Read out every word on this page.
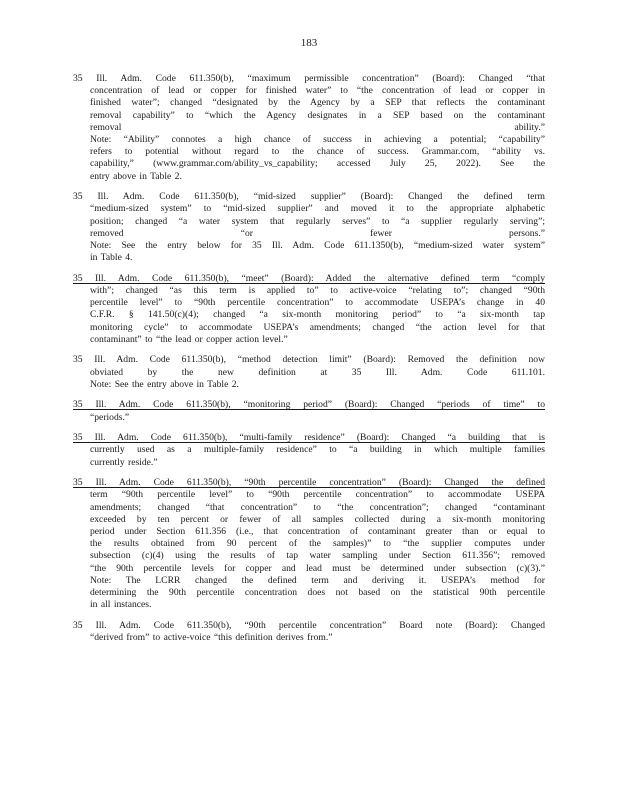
183
35 Ill. Adm. Code 611.350(b), “maximum permissible concentration” (Board): Changed “that
concentration of lead or copper for finished water” to “the concentration of lead or copper in
finished water”; changed “designated by the Agency by a SEP that reflects the contaminant
removal capability” to “which the Agency designates in a SEP based on the contaminant
removal ability.”
Note: “Ability” connotes a high chance of success in achieving a potential; “capability”
refers to potential without regard to the chance of success. Grammar.com, “ability vs.
capability,” (www.grammar.com/ability_vs_capability; accessed July 25, 2022). See the
entry above in Table 2.
35 Ill. Adm. Code 611.350(b), “mid-sized supplier” (Board): Changed the defined term
“medium-sized system” to “mid-sized supplier” and moved it to the appropriate alphabetic
position; changed “a water system that regularly serves” to “a supplier regularly serving”;
removed “or fewer persons.”
Note: See the entry below for 35 Ill. Adm. Code 611.1350(b), “medium-sized water system”
in Table 4.
35 Ill. Adm. Code 611.350(b), “meet” (Board): Added the alternative defined term “comply
with”; changed “as this term is applied to” to active-voice “relating to”; changed “90th
percentile level” to “90th percentile concentration” to accommodate USEPA’s change in 40
C.F.R. § 141.50(c)(4); changed “a six-month monitoring period” to “a six-month tap
monitoring cycle” to accommodate USEPA’s amendments; changed “the action level for that
contaminant” to “the lead or copper action level.”
35 Ill. Adm. Code 611.350(b), “method detection limit” (Board): Removed the definition now
obviated by the new definition at 35 Ill. Adm. Code 611.101.
Note: See the entry above in Table 2.
35 Ill. Adm. Code 611.350(b), “monitoring period” (Board): Changed “periods of time” to
“periods.”
35 Ill. Adm. Code 611.350(b), “multi-family residence” (Board): Changed “a building that is
currently used as a multiple-family residence” to “a building in which multiple families
currently reside.”
35 Ill. Adm. Code 611.350(b), “90th percentile concentration” (Board): Changed the defined
term “90th percentile level” to “90th percentile concentration” to accommodate USEPA
amendments; changed “that concentration” to “the concentration”; changed “contaminant
exceeded by ten percent or fewer of all samples collected during a six-month monitoring
period under Section 611.356 (i.e., that concentration of contaminant greater than or equal to
the results obtained from 90 percent of the samples)” to “the supplier computes under
subsection (c)(4) using the results of tap water sampling under Section 611.356”; removed
“the 90th percentile levels for copper and lead must be determined under subsection (c)(3).”
Note: The LCRR changed the defined term and deriving it. USEPA’s method for
determining the 90th percentile concentration does not based on the statistical 90th percentile
in all instances.
35 Ill. Adm. Code 611.350(b), “90th percentile concentration” Board note (Board): Changed
“derived from” to active-voice “this definition derives from.”
